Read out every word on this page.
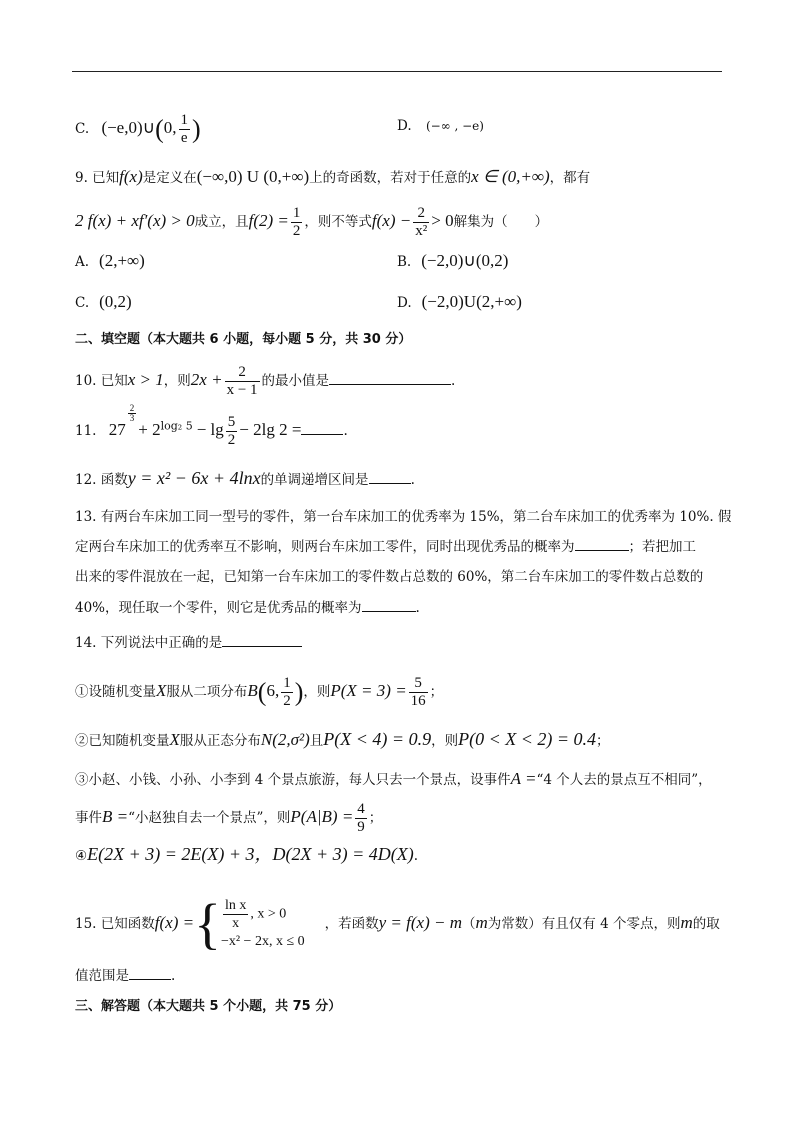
C. (−e,0)∪(0, $\frac{1}{e}$ )	D. (−∞ , −e)
9. 已知f(x)是定义在(−∞,0) U (0,+∞)上的奇函数，若对于任意的x ∈ (0,+∞)，都有
2 f(x) + xf′(x) > 0成立，且$f(2) = \frac{1}{2}$ ，则不等式$f(x) - \frac{2}{\text{x²}} > 0$解集为（　　）
A. (2,+∞)	B. (−2,0)∪(0,2)
C. (0,2)	D. (−2,0)U(2,+∞)
二、填空题（本大题共 6 小题，每小题 5 分，共 30 分）
10. 已知x > 1，则$2x + \frac{2}{x - 1}$ 的最小值是	.
11. 27
$\frac{2}{3}$
+ $2^{log_2 5} - \lg \frac{5}{2} - 2\lg$ 2 =	.
12. 函数y = x² − 6x + 4lnx的单调递增区间是	.
13. 有两台车床加工同一型号的零件，第一台车床加工的优秀率为 15%，第二台车床加工的优秀率为 10%. 假
定两台车床加工的优秀率互不影响，则两台车床加工零件，同时出现优秀品的概率为	；若把加工
出来的零件混放在一起，已知第一台车床加工的零件数占总数的 60%，第二台车床加工的零件数占总数的
40%，现任取一个零件，则它是优秀品的概率为	.
14. 下列说法中正确的是
①设随机变量X服从二项分布B(6, $\frac{1}{2}$ )，则$P(X = 3) = \frac{5}{16}$ ；
②已知随机变量X服从正态分布N(2,σ²)且P(X < 4) = 0.9，则P(0 < X < 2) = 0.4；
③小赵、小钱、小孙、小李到 4 个景点旅游，每人只去一个景点，设事件A =“4 个人去的景点互不相同”，
事件B =“小赵独自去一个景点”，则$P(A|B) = \frac{4}{9}$ ；
④E(2X + 3) = 2E(X) + 3，D(2X + 3) = 4D(X).
15. 已知函数f(x) ={ $\frac{\text{ln x}}{x}$ , x > 0
−x² − 2x, x ≤ 0
，若函数y = f(x) − m（m为常数）有且仅有 4 个零点，则m的取
值范围是	.
三、解答题（本大题共 5 个小题，共 75 分）
